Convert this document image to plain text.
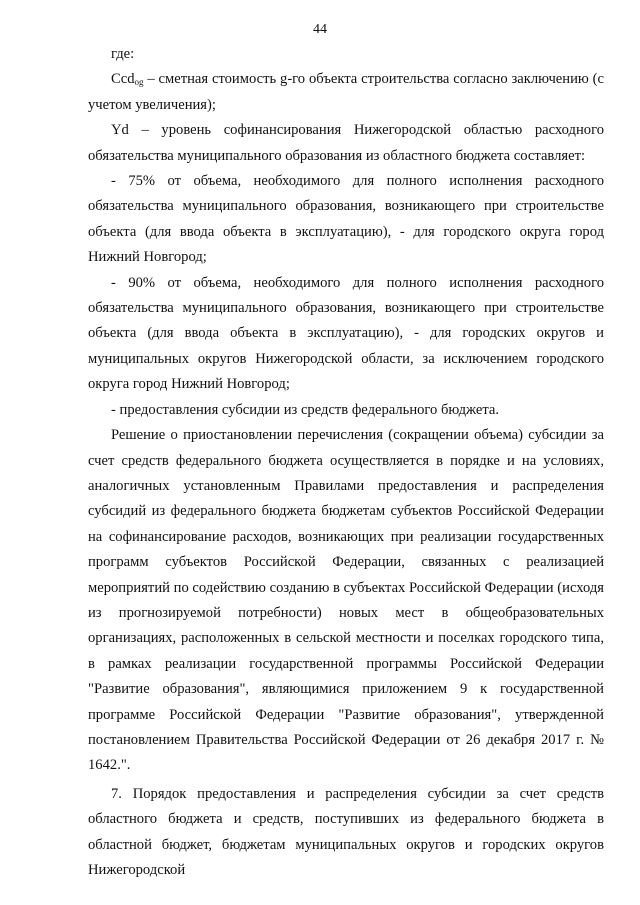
44

где:

Ccd$_{og}$ – сметная стоимость g-го объекта строительства согласно заключению (с учетом увеличения);

Yd – уровень софинансирования Нижегородской областью расходного обязательства муниципального образования из областного бюджета составляет:

- 75% от объема, необходимого для полного исполнения расходного обязательства муниципального образования, возникающего при строительстве объекта (для ввода объекта в эксплуатацию), - для городского округа город Нижний Новгород;

- 90% от объема, необходимого для полного исполнения расходного обязательства муниципального образования, возникающего при строительстве объекта (для ввода объекта в эксплуатацию), - для городских округов и муниципальных округов Нижегородской области, за исключением городского округа город Нижний Новгород;

- предоставления субсидии из средств федерального бюджета.

Решение о приостановлении перечисления (сокращении объема) субсидии за счет средств федерального бюджета осуществляется в порядке и на условиях, аналогичных установленным Правилами предоставления и распределения субсидий из федерального бюджета бюджетам субъектов Российской Федерации на софинансирование расходов, возникающих при реализации государственных программ субъектов Российской Федерации, связанных с реализацией мероприятий по содействию созданию в субъектах Российской Федерации (исходя из прогнозируемой потребности) новых мест в общеобразовательных организациях, расположенных в сельской местности и поселках городского типа, в рамках реализации государственной программы Российской Федерации "Развитие образования", являющимися приложением 9 к государственной программе Российской Федерации "Развитие образования", утвержденной постановлением Правительства Российской Федерации от 26 декабря 2017 г. № 1642.".

7. Порядок предоставления и распределения субсидии за счет средств областного бюджета и средств, поступивших из федерального бюджета в областной бюджет, бюджетам муниципальных округов и городских округов Нижегородской
